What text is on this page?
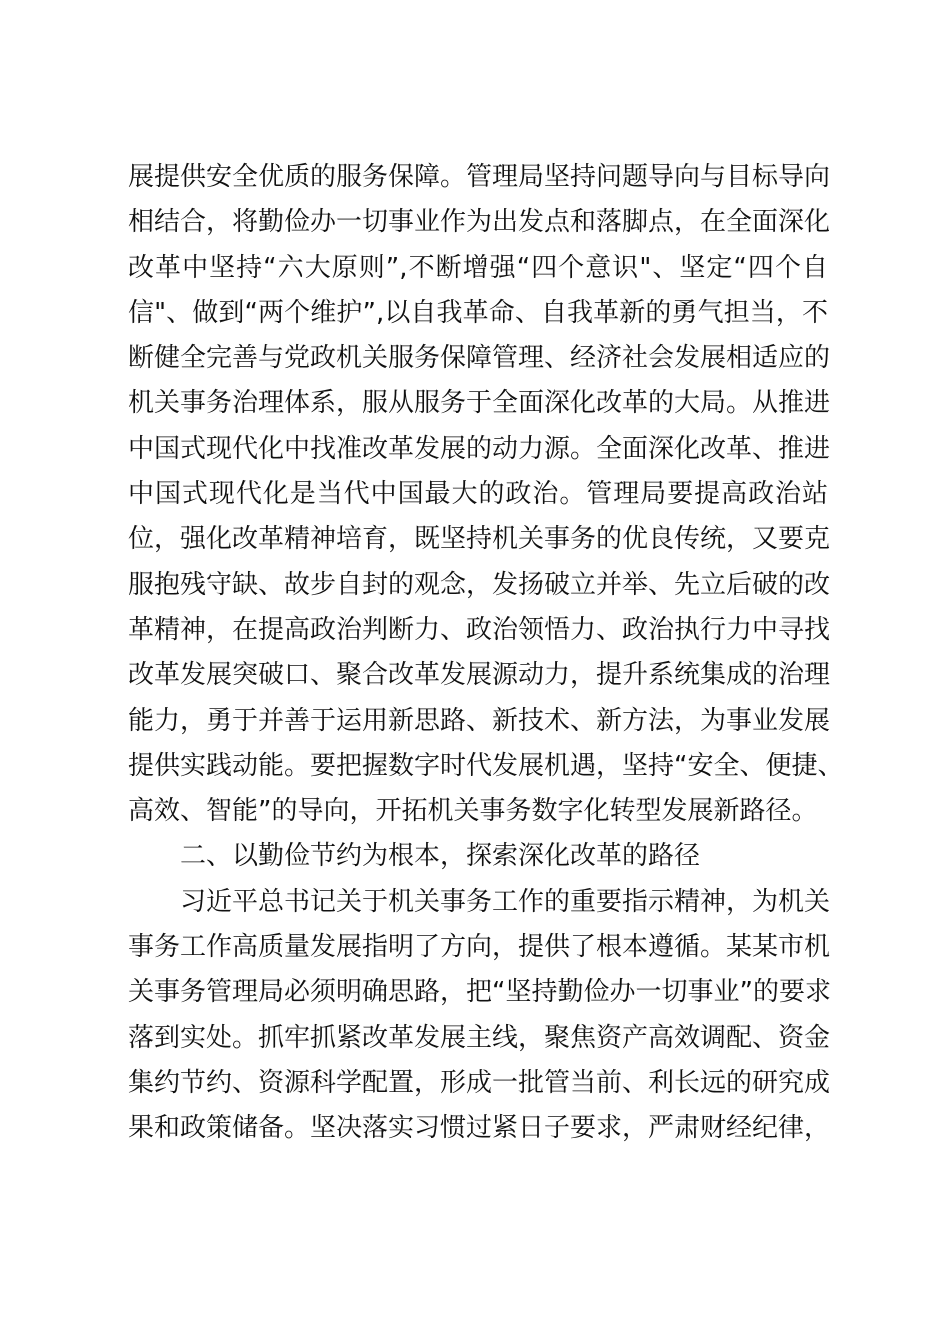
展提供安全优质的服务保障。管理局坚持问题导向与目标导向
相结合，将勤俭办一切事业作为出发点和落脚点，在全面深化
改革中坚持“六大原则”,不断增强“四个意识"、坚定“四个自
信"、做到“两个维护”,以自我革命、自我革新的勇气担当，不
断健全完善与党政机关服务保障管理、经济社会发展相适应的
机关事务治理体系，服从服务于全面深化改革的大局。从推进
中国式现代化中找准改革发展的动力源。全面深化改革、推进
中国式现代化是当代中国最大的政治。管理局要提高政治站
位，强化改革精神培育，既坚持机关事务的优良传统，又要克
服抱残守缺、故步自封的观念，发扬破立并举、先立后破的改
革精神，在提高政治判断力、政治领悟力、政治执行力中寻找
改革发展突破口、聚合改革发展源动力，提升系统集成的治理
能力，勇于并善于运用新思路、新技术、新方法，为事业发展
提供实践动能。要把握数字时代发展机遇，坚持“安全、便捷、
高效、智能”的导向，开拓机关事务数字化转型发展新路径。
二、以勤俭节约为根本，探索深化改革的路径
习近平总书记关于机关事务工作的重要指示精神，为机关
事务工作高质量发展指明了方向，提供了根本遵循。某某市机
关事务管理局必须明确思路，把“坚持勤俭办一切事业”的要求
落到实处。抓牢抓紧改革发展主线，聚焦资产高效调配、资金
集约节约、资源科学配置，形成一批管当前、利长远的研究成
果和政策储备。坚决落实习惯过紧日子要求，严肃财经纪律，
